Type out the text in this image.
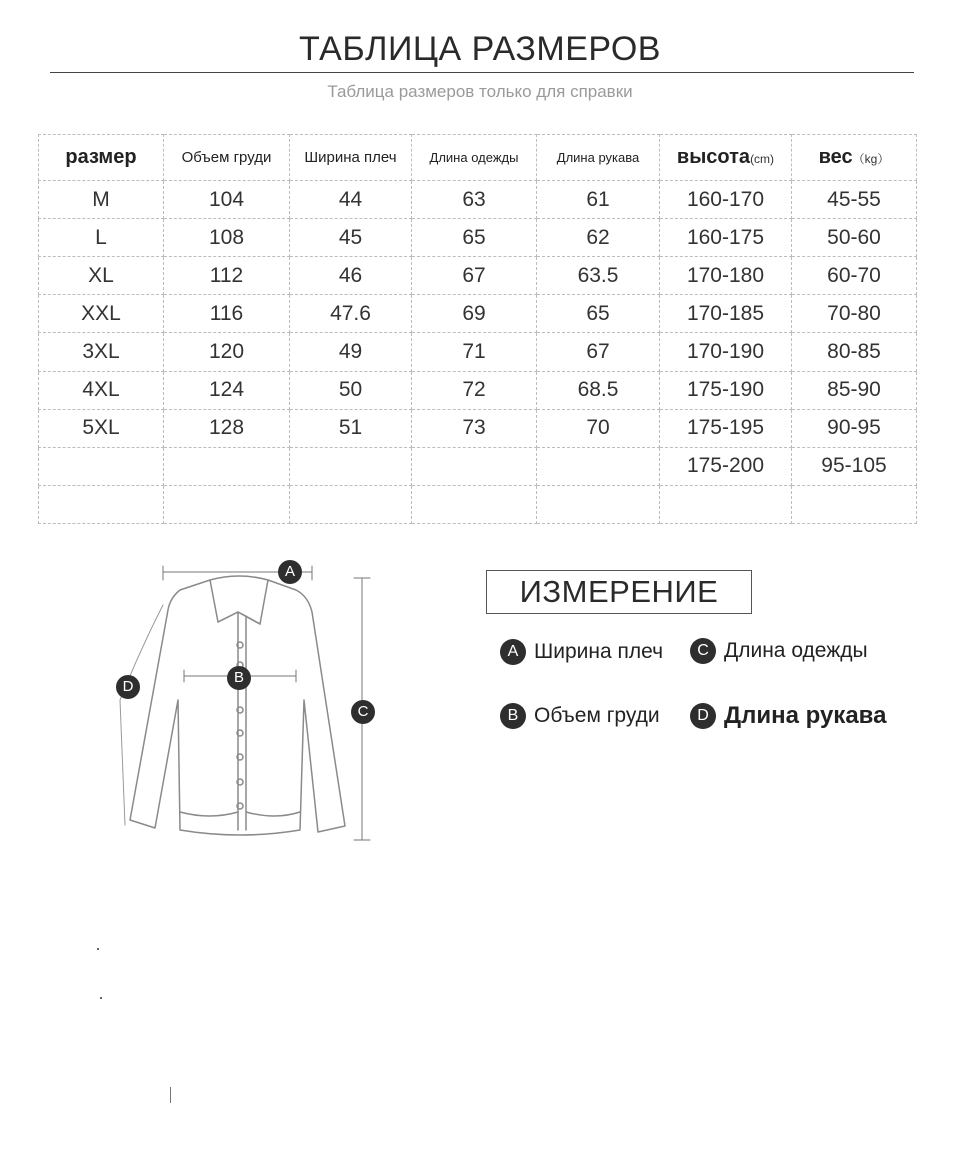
ТАБЛИЦА РАЗМЕРОВ
Таблица размеров только для справки
размер	Объем груди	Ширина плеч	Длина одежды	Длина рукава	высота(cm)	вес（kg）
M	104	44	63	61	160-170	45-55
L	108	45	65	62	160-175	50-60
XL	112	46	67	63.5	170-180	60-70
XXL	116	47.6	69	65	170-185	70-80
3XL	120	49	71	67	170-190	80-85
4XL	124	50	72	68.5	175-190	85-90
5XL	128	51	73	70	175-195	90-95
					175-200	95-105

A
B
C
D
ИЗМЕРЕНИЕ
A Ширина плеч	C Длина одежды
B Объем груди	D Длина рукава
